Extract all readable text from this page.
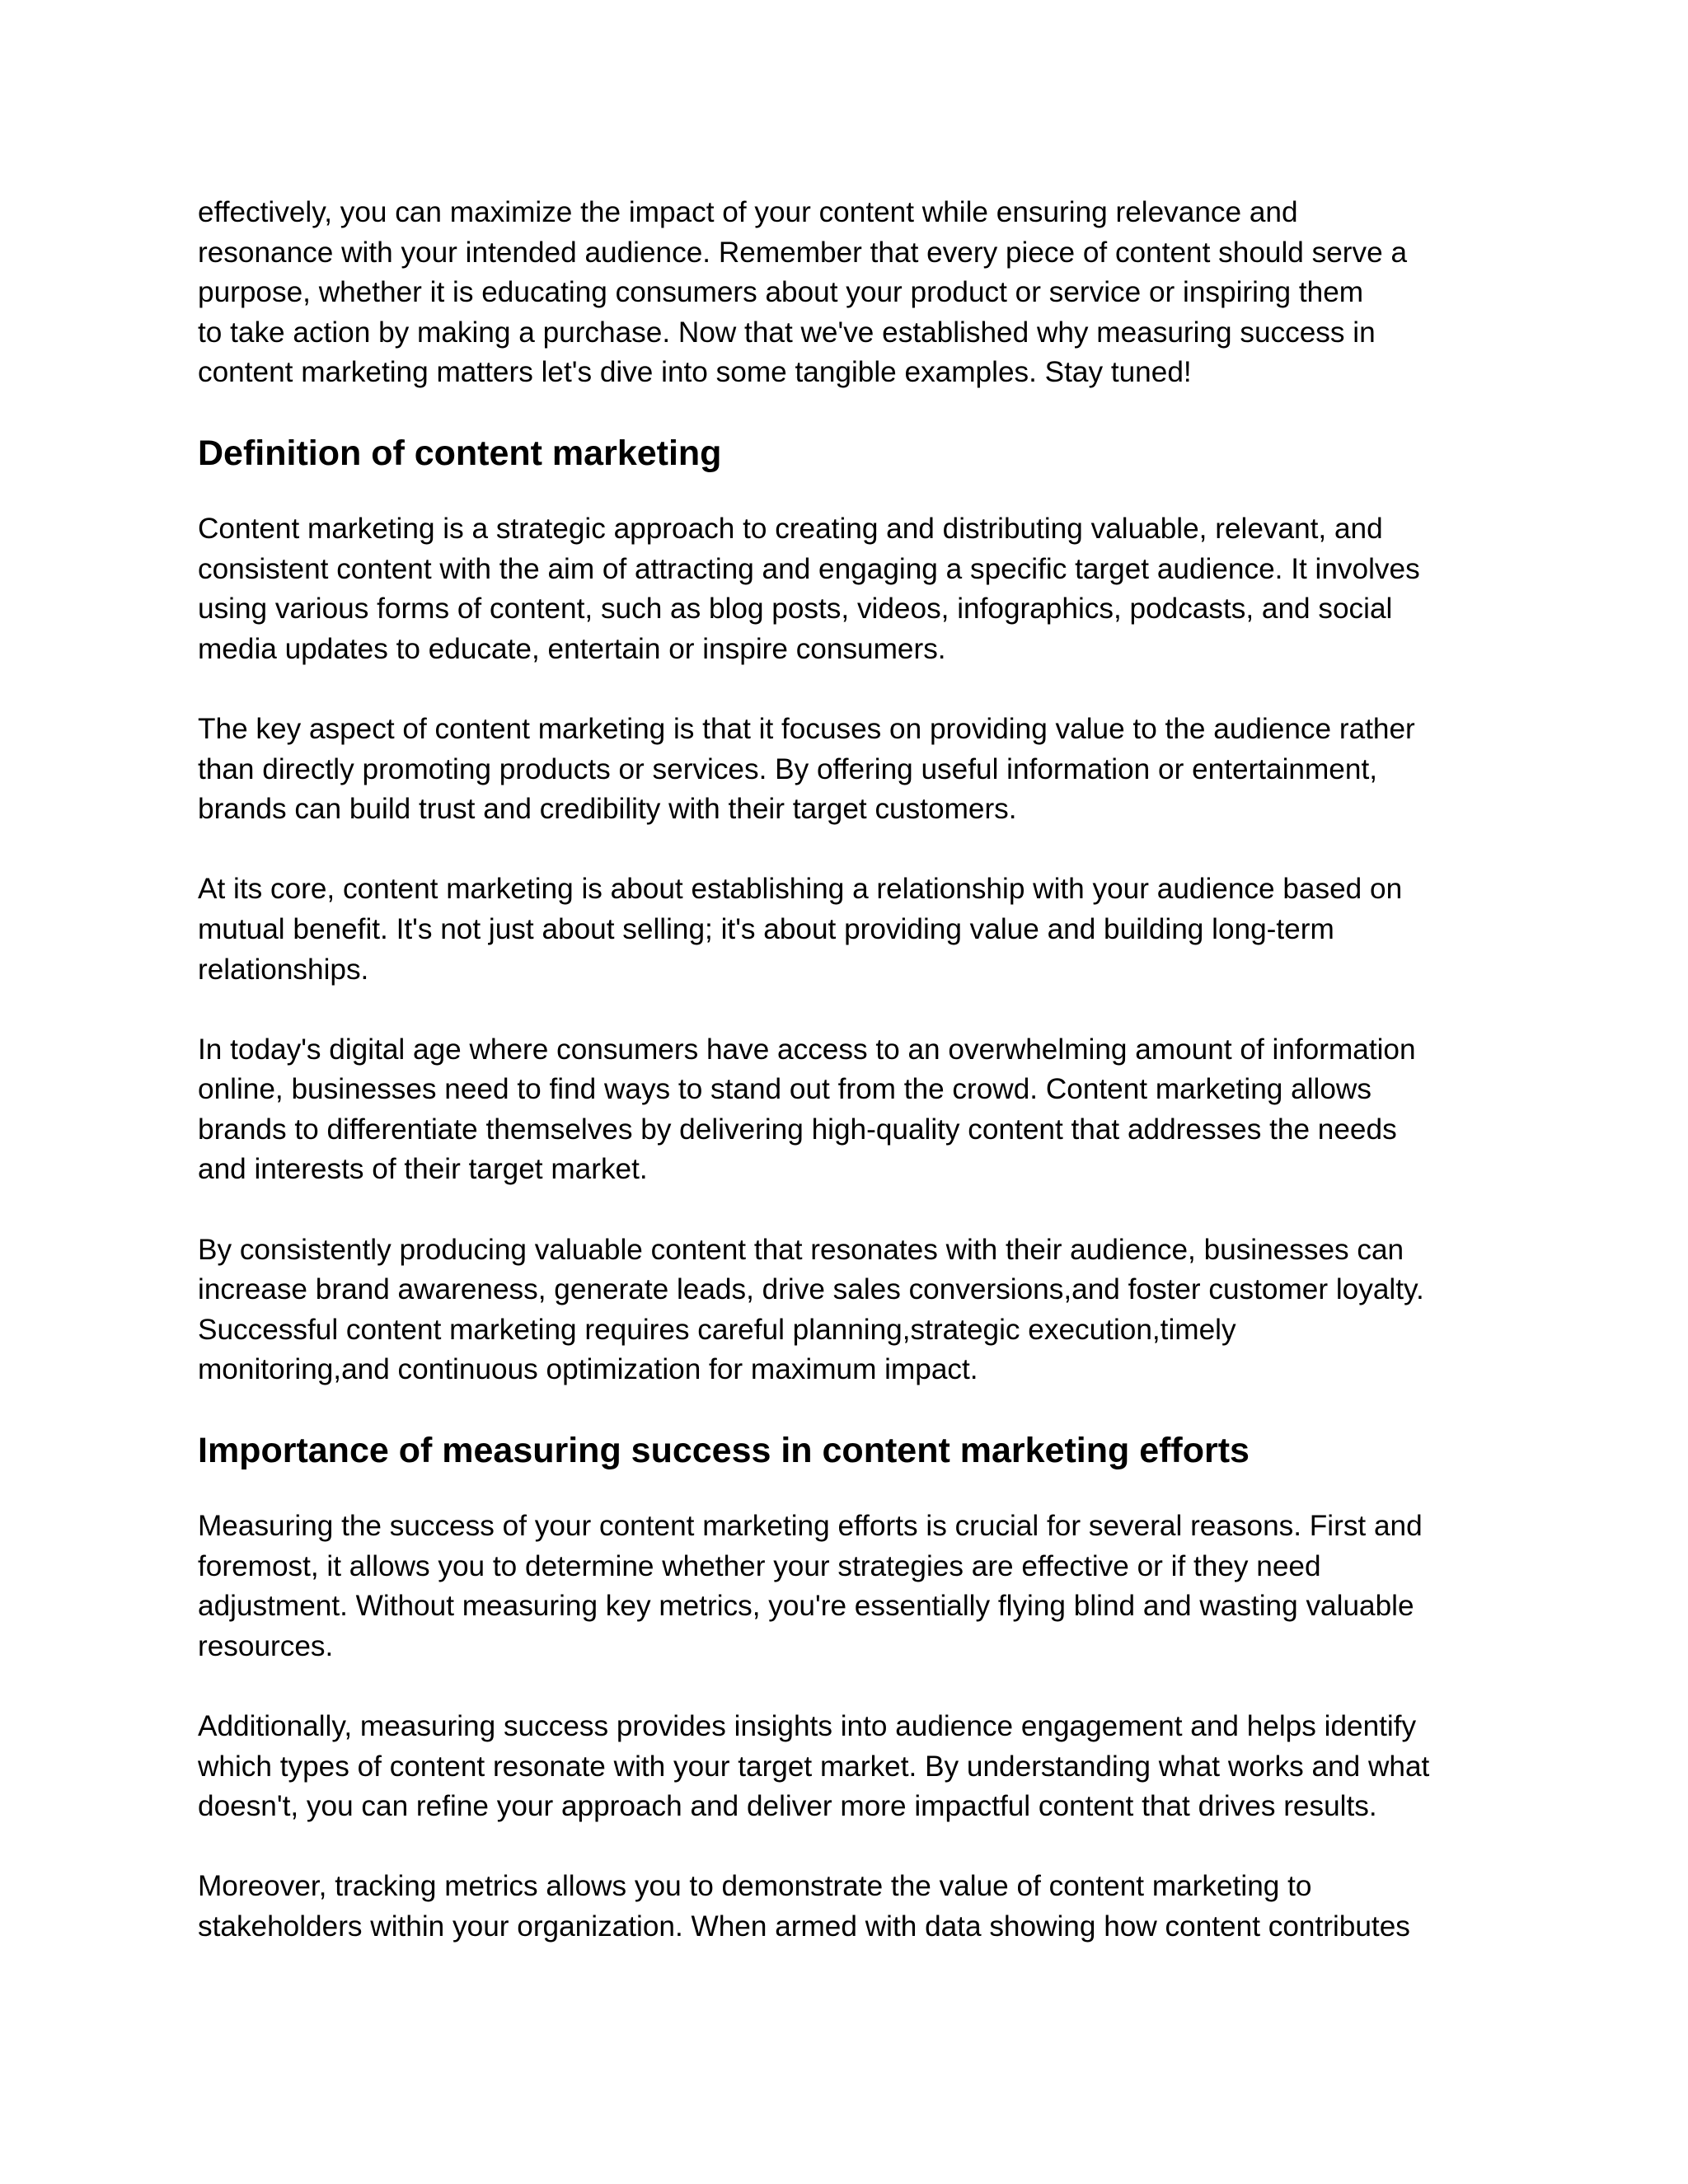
effectively, you can maximize the impact of your content while ensuring relevance and
resonance with your intended audience. Remember that every piece of content should serve a
purpose, whether it is educating consumers about your product or service or inspiring them
to take action by making a purchase. Now that we've established why measuring success in
content marketing matters let's dive into some tangible examples. Stay tuned!

Definition of content marketing

Content marketing is a strategic approach to creating and distributing valuable, relevant, and
consistent content with the aim of attracting and engaging a specific target audience. It involves
using various forms of content, such as blog posts, videos, infographics, podcasts, and social
media updates to educate, entertain or inspire consumers.

The key aspect of content marketing is that it focuses on providing value to the audience rather
than directly promoting products or services. By offering useful information or entertainment,
brands can build trust and credibility with their target customers.

At its core, content marketing is about establishing a relationship with your audience based on
mutual benefit. It's not just about selling; it's about providing value and building long-term
relationships.

In today's digital age where consumers have access to an overwhelming amount of information
online, businesses need to find ways to stand out from the crowd. Content marketing allows
brands to differentiate themselves by delivering high-quality content that addresses the needs
and interests of their target market.

By consistently producing valuable content that resonates with their audience, businesses can
increase brand awareness, generate leads, drive sales conversions,and foster customer loyalty.
Successful content marketing requires careful planning,strategic execution,timely
monitoring,and continuous optimization for maximum impact.

Importance of measuring success in content marketing efforts

Measuring the success of your content marketing efforts is crucial for several reasons. First and
foremost, it allows you to determine whether your strategies are effective or if they need
adjustment. Without measuring key metrics, you're essentially flying blind and wasting valuable
resources.

Additionally, measuring success provides insights into audience engagement and helps identify
which types of content resonate with your target market. By understanding what works and what
doesn't, you can refine your approach and deliver more impactful content that drives results.

Moreover, tracking metrics allows you to demonstrate the value of content marketing to
stakeholders within your organization. When armed with data showing how content contributes
